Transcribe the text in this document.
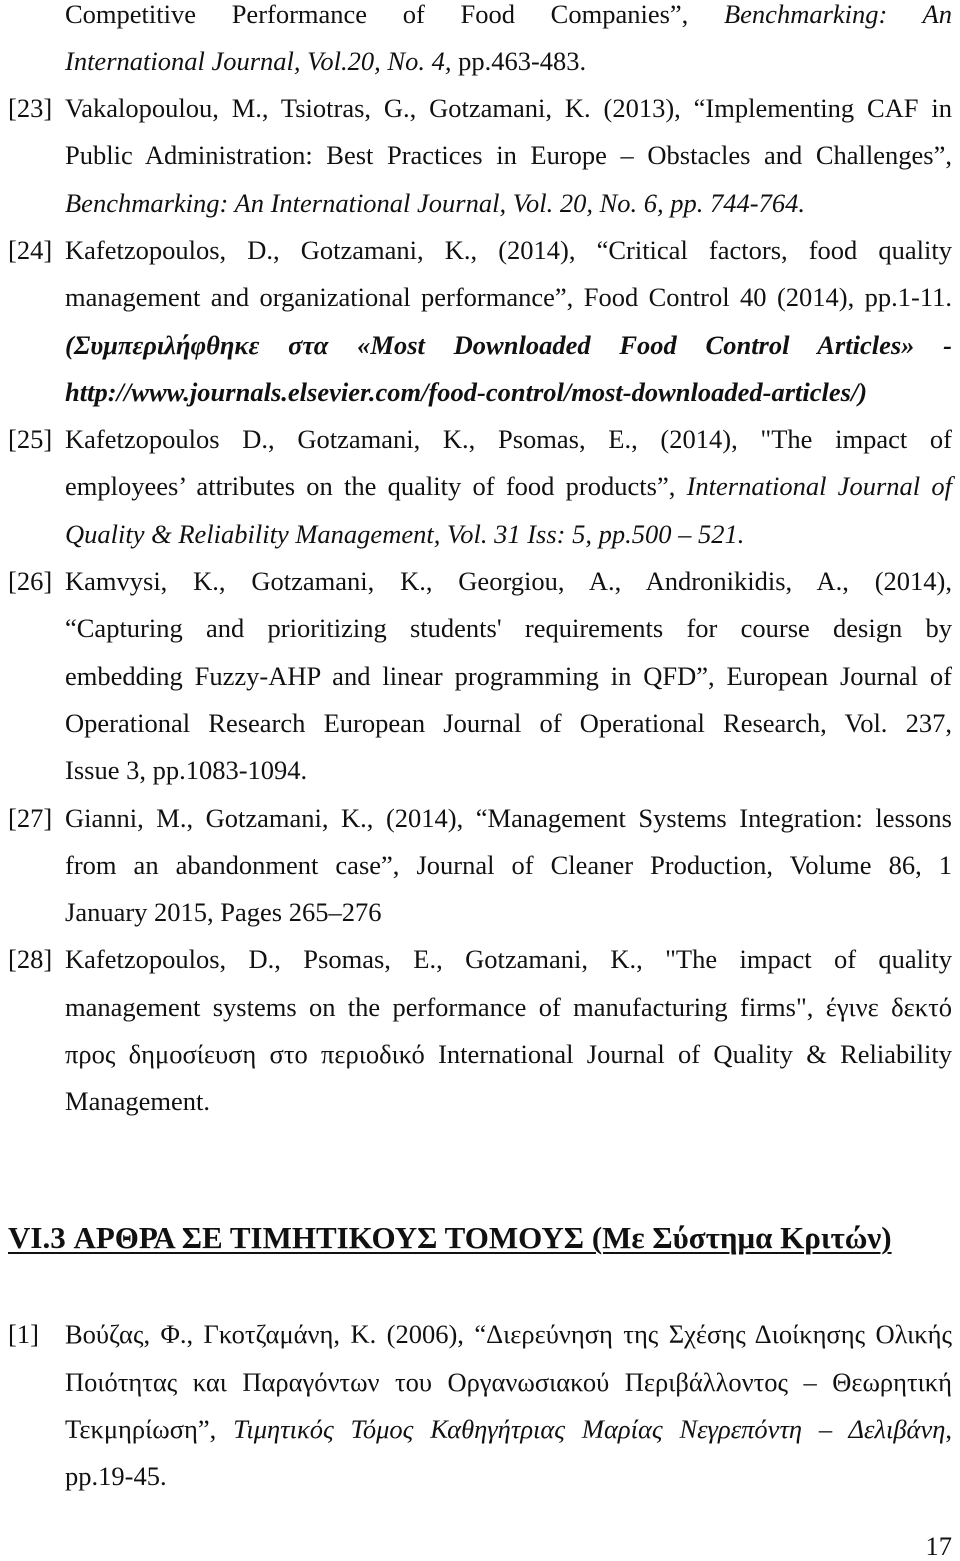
Competitive Performance of Food Companies”, Benchmarking: An
International Journal, Vol.20, No. 4, pp.463-483.
[23] Vakalopoulou, M., Tsiotras, G., Gotzamani, K. (2013), “Implementing CAF in
Public Administration: Best Practices in Europe – Obstacles and Challenges”,
Benchmarking: An International Journal, Vol. 20, No. 6, pp. 744-764.
[24] Kafetzopoulos, D., Gotzamani, K., (2014), “Critical factors, food quality
management and organizational performance”, Food Control 40 (2014), pp.1-11.
(Συμπεριλήφθηκε στα «Most Downloaded Food Control Articles» -
http://www.journals.elsevier.com/food-control/most-downloaded-articles/)
[25] Kafetzopoulos D., Gotzamani, K., Psomas, E., (2014), "The impact of
employees’ attributes on the quality of food products”, International Journal of
Quality & Reliability Management, Vol. 31 Iss: 5, pp.500 – 521.
[26] Kamvysi, K., Gotzamani, K., Georgiou, A., Andronikidis, A., (2014),
“Capturing and prioritizing students' requirements for course design by
embedding Fuzzy-AHP and linear programming in QFD”, European Journal of
Operational Research European Journal of Operational Research, Vol. 237,
Issue 3, pp.1083-1094.
[27] Gianni, M., Gotzamani, K., (2014), “Management Systems Integration: lessons
from an abandonment case”, Journal of Cleaner Production, Volume 86, 1
January 2015, Pages 265–276
[28] Kafetzopoulos, D., Psomas, E., Gotzamani, K., "The impact of quality
management systems on the performance of manufacturing firms", έγινε δεκτό
προς δημοσίευση στο περιοδικό International Journal of Quality & Reliability
Management.
VI.3 ΑΡΘΡΑ ΣΕ ΤΙΜΗΤΙΚΟΥΣ ΤΟΜΟΥΣ (Με Σύστημα Κριτών)
[1] Βούζας, Φ., Γκοτζαμάνη, Κ. (2006), “Διερεύνηση της Σχέσης Διοίκησης Ολικής
Ποιότητας και Παραγόντων του Οργανωσιακού Περιβάλλοντος – Θεωρητική
Τεκμηρίωση”, Τιμητικός Τόμος Καθηγήτριας Μαρίας Νεγρεπόντη – Δελιβάνη,
pp.19-45.
17
